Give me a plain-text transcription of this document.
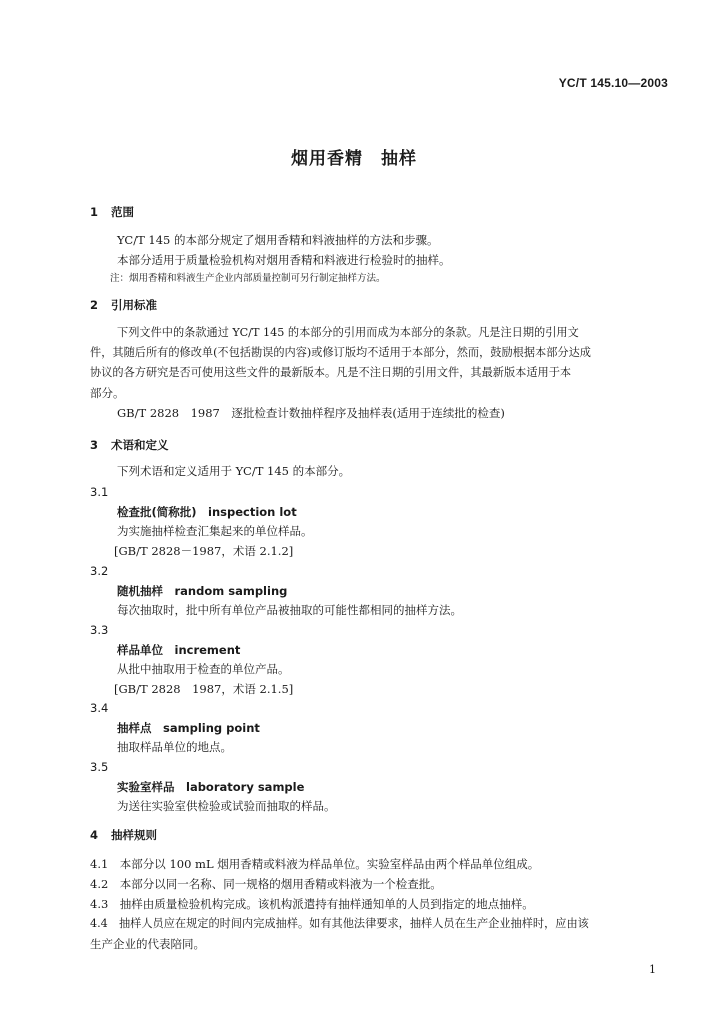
YC/T 145.10—2003
烟用香精　抽样
1 范围
YC/T 145 的本部分规定了烟用香精和料液抽样的方法和步骤。
本部分适用于质量检验机构对烟用香精和料液进行检验时的抽样。
注：烟用香精和料液生产企业内部质量控制可另行制定抽样方法。
2 引用标准
下列文件中的条款通过 YC/T 145 的本部分的引用而成为本部分的条款。凡是注日期的引用文
件，其随后所有的修改单(不包括勘误的内容)或修订版均不适用于本部分，然而，鼓励根据本部分达成
协议的各方研究是否可使用这些文件的最新版本。凡是不注日期的引用文件，其最新版本适用于本
部分。
GB/T 2828　1987　逐批检查计数抽样程序及抽样表(适用于连续批的检查)
3 术语和定义
下列术语和定义适用于 YC/T 145 的本部分。
3.1
检查批(简称批)　inspection lot
为实施抽样检查汇集起来的单位样品。
[GB/T 2828－1987，术语 2.1.2]
3.2
随机抽样　random sampling
每次抽取时，批中所有单位产品被抽取的可能性都相同的抽样方法。
3.3
样品单位　increment
从批中抽取用于检查的单位产品。
[GB/T 2828　1987，术语 2.1.5]
3.4
抽样点　sampling point
抽取样品单位的地点。
3.5
实验室样品　laboratory sample
为送往实验室供检验或试验而抽取的样品。
4 抽样规则
4.1　本部分以 100 mL 烟用香精或料液为样品单位。实验室样品由两个样品单位组成。
4.2　本部分以同一名称、同一规格的烟用香精或料液为一个检查批。
4.3　抽样由质量检验机构完成。该机构派遣持有抽样通知单的人员到指定的地点抽样。
4.4　抽样人员应在规定的时间内完成抽样。如有其他法律要求，抽样人员在生产企业抽样时，应由该
生产企业的代表陪同。
1
